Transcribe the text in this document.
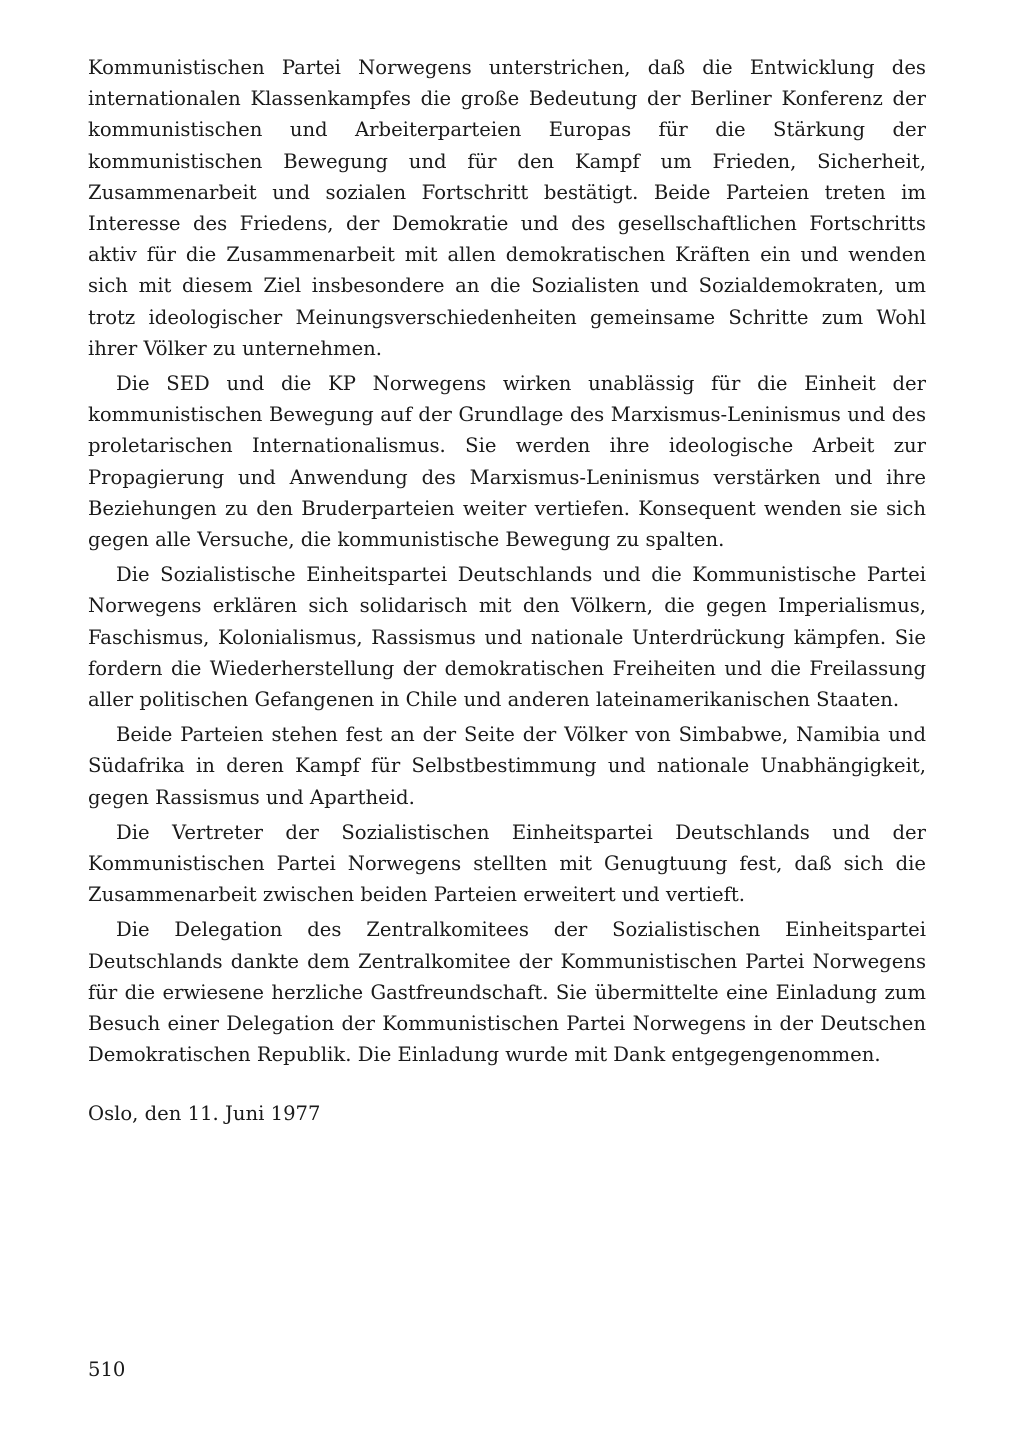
Kommunistischen Partei Norwegens unterstrichen, daß die Entwicklung des internationalen Klassenkampfes die große Bedeutung der Berliner Konferenz der kommunistischen und Arbeiterparteien Europas für die Stärkung der kommunistischen Bewegung und für den Kampf um Frieden, Sicherheit, Zusammenarbeit und sozialen Fortschritt bestätigt. Beide Parteien treten im Interesse des Friedens, der Demokratie und des gesellschaftlichen Fortschritts aktiv für die Zusammenarbeit mit allen demokratischen Kräften ein und wenden sich mit diesem Ziel insbesondere an die Sozialisten und Sozialdemokraten, um trotz ideologischer Meinungsverschiedenheiten gemeinsame Schritte zum Wohl ihrer Völker zu unternehmen.

Die SED und die KP Norwegens wirken unablässig für die Einheit der kommunistischen Bewegung auf der Grundlage des Marxismus-Leninismus und des proletarischen Internationalismus. Sie werden ihre ideologische Arbeit zur Propagierung und Anwendung des Marxismus-Leninismus verstärken und ihre Beziehungen zu den Bruderparteien weiter vertiefen. Konsequent wenden sie sich gegen alle Versuche, die kommunistische Bewegung zu spalten.

Die Sozialistische Einheitspartei Deutschlands und die Kommunistische Partei Norwegens erklären sich solidarisch mit den Völkern, die gegen Imperialismus, Faschismus, Kolonialismus, Rassismus und nationale Unterdrückung kämpfen. Sie fordern die Wiederherstellung der demokratischen Freiheiten und die Freilassung aller politischen Gefangenen in Chile und anderen lateinamerikanischen Staaten.

Beide Parteien stehen fest an der Seite der Völker von Simbabwe, Namibia und Südafrika in deren Kampf für Selbstbestimmung und nationale Unabhängigkeit, gegen Rassismus und Apartheid.

Die Vertreter der Sozialistischen Einheitspartei Deutschlands und der Kommunistischen Partei Norwegens stellten mit Genugtuung fest, daß sich die Zusammenarbeit zwischen beiden Parteien erweitert und vertieft.

Die Delegation des Zentralkomitees der Sozialistischen Einheitspartei Deutschlands dankte dem Zentralkomitee der Kommunistischen Partei Norwegens für die erwiesene herzliche Gastfreundschaft. Sie übermittelte eine Einladung zum Besuch einer Delegation der Kommunistischen Partei Norwegens in der Deutschen Demokratischen Republik. Die Einladung wurde mit Dank entgegengenommen.

Oslo, den 11. Juni 1977
510
